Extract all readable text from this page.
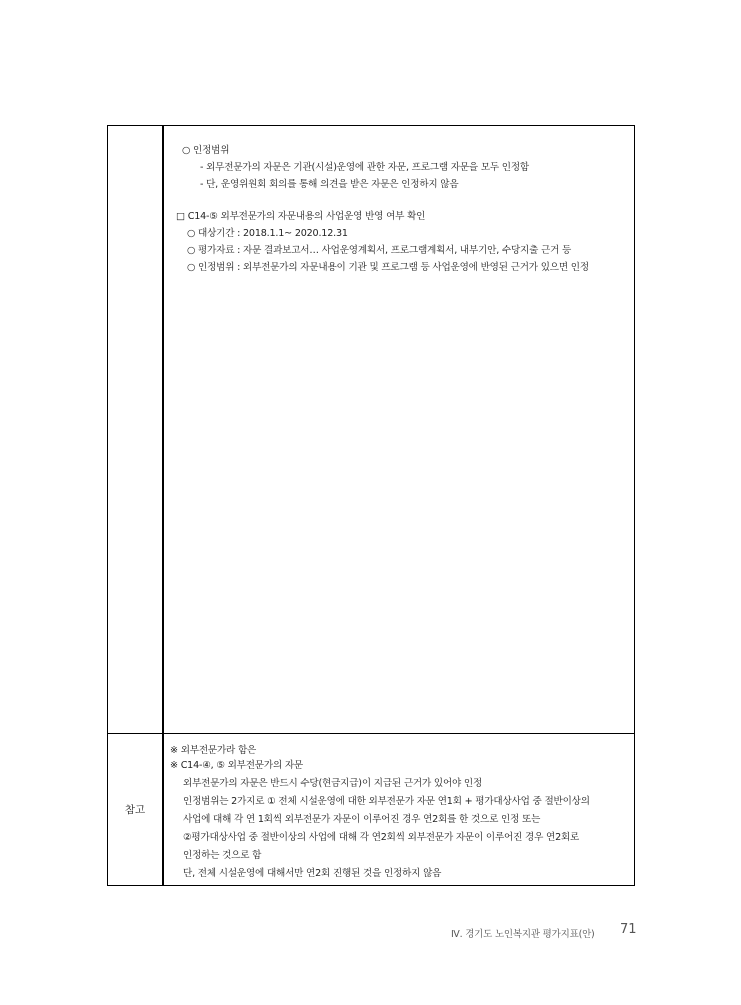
○ 인정범위
- 외무전문가의 자문은 기관(시설)운영에 관한 자문, 프로그램 자문을 모두 인정함
- 단, 운영위원회 회의를 통해 의견을 받은 자문은 인정하지 않음
□ C14-⑤ 외부전문가의 자문내용의 사업운영 반영 여부 확인
○ 대상기간 : 2018.1.1~ 2020.12.31
○ 평가자료 : 자문 결과보고서… 사업운영계획서, 프로그램계획서, 내부기안, 수당지출 근거 등
○ 인정범위 : 외부전문가의 자문내용이 기관 및 프로그램 등 사업운영에 반영된 근거가 있으면 인정
참고
※ 외부전문가라 함은
※ C14-④, ⑤ 외부전문가의 자문
외부전문가의 자문은 반드시 수당(현금지급)이 지급된 근거가 있어야 인정
인정범위는 2가지로 ① 전체 시설운영에 대한 외부전문가 자문 연1회 + 평가대상사업 중 절반이상의
사업에 대해 각 연 1회씩 외부전문가 자문이 이루어진 경우 연2회를 한 것으로 인정 또는
②평가대상사업 중 절반이상의 사업에 대해 각 연2회씩 외부전문가 자문이 이루어진 경우 연2회로
인정하는 것으로 함
단, 전체 시설운영에 대해서만 연2회 진행된 것을 인정하지 않음
Ⅳ. 경기도 노인복지관 평가지표(안) 71
